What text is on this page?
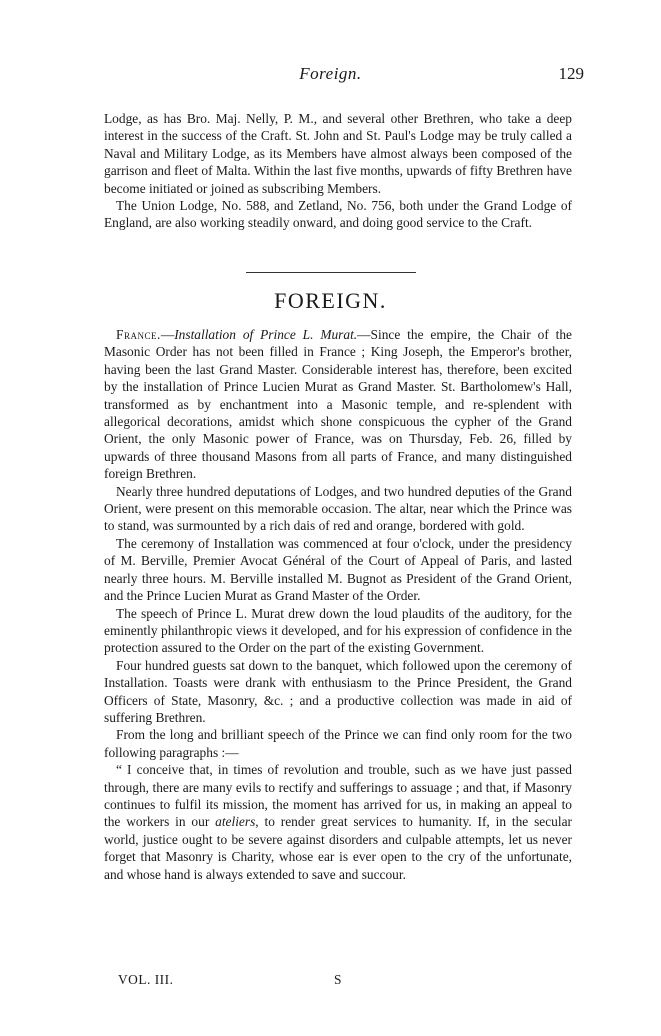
Foreign.	129

Lodge, as has Bro. Maj. Nelly, P. M., and several other Brethren, who take a deep interest in the success of the Craft. St. John and St. Paul's Lodge may be truly called a Naval and Military Lodge, as its Members have almost always been composed of the garrison and fleet of Malta. Within the last five months, upwards of fifty Brethren have become initiated or joined as subscribing Members.

The Union Lodge, No. 588, and Zetland, No. 756, both under the Grand Lodge of England, are also working steadily onward, and doing good service to the Craft.

FOREIGN.

France.—Installation of Prince L. Murat.—Since the empire, the Chair of the Masonic Order has not been filled in France ; King Joseph, the Emperor's brother, having been the last Grand Master. Considerable interest has, therefore, been excited by the installation of Prince Lucien Murat as Grand Master. St. Bartholomew's Hall, transformed as by enchantment into a Masonic temple, and re-splendent with allegorical decorations, amidst which shone conspicuous the cypher of the Grand Orient, the only Masonic power of France, was on Thursday, Feb. 26, filled by upwards of three thousand Masons from all parts of France, and many distinguished foreign Brethren.

Nearly three hundred deputations of Lodges, and two hundred deputies of the Grand Orient, were present on this memorable occasion. The altar, near which the Prince was to stand, was surmounted by a rich dais of red and orange, bordered with gold.

The ceremony of Installation was commenced at four o'clock, under the presidency of M. Berville, Premier Avocat Général of the Court of Appeal of Paris, and lasted nearly three hours. M. Berville installed M. Bugnot as President of the Grand Orient, and the Prince Lucien Murat as Grand Master of the Order.

The speech of Prince L. Murat drew down the loud plaudits of the auditory, for the eminently philanthropic views it developed, and for his expression of confidence in the protection assured to the Order on the part of the existing Government.

Four hundred guests sat down to the banquet, which followed upon the ceremony of Installation. Toasts were drank with enthusiasm to the Prince President, the Grand Officers of State, Masonry, &c. ; and a productive collection was made in aid of suffering Brethren.

From the long and brilliant speech of the Prince we can find only room for the two following paragraphs :—

“ I conceive that, in times of revolution and trouble, such as we have just passed through, there are many evils to rectify and sufferings to assuage ; and that, if Masonry continues to fulfil its mission, the moment has arrived for us, in making an appeal to the workers in our ateliers, to render great services to humanity. If, in the secular world, justice ought to be severe against disorders and culpable attempts, let us never forget that Masonry is Charity, whose ear is ever open to the cry of the unfortunate, and whose hand is always extended to save and succour.

VOL. III.	S
